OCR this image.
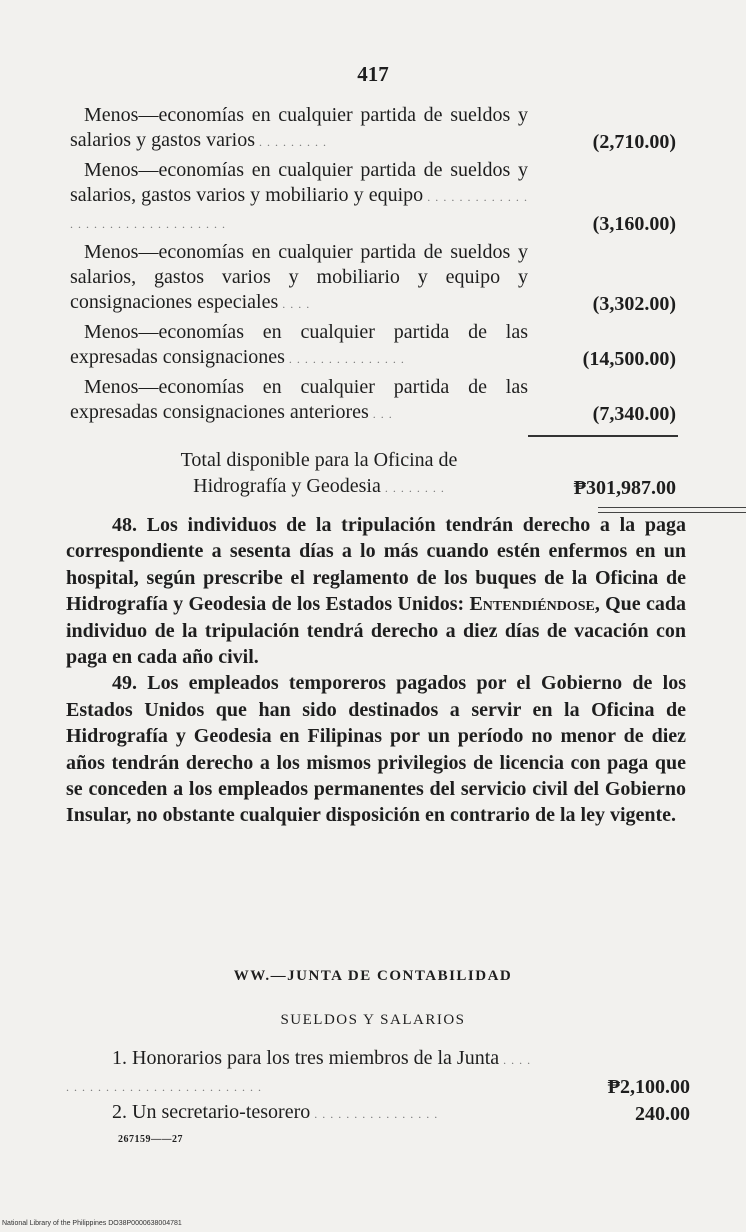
417
Menos—economías en cualquier partida de sueldos y salarios y gastos varios . . . . . . . . .	(2,710.00)
Menos—economías en cualquier partida de sueldos y salarios, gastos varios y mobiliario y equipo . . . . . . . . . . . . . . . . . . . . . . . . . . . . . . . . .	(3,160.00)
Menos—economías en cualquier partida de sueldos y salarios, gastos varios y mobiliario y equipo y consignaciones especiales . . . .	(3,302.00)
Menos—economías en cualquier partida de las expresadas consignaciones . . . . . . . . . . . . . . .	(14,500.00)
Menos—economías en cualquier partida de las expresadas consignaciones anteriores . . .	(7,340.00)
Total disponible para la Oficina de
Hidrografía y Geodesia . . . . . . . .	₱301,987.00

48. Los individuos de la tripulación tendrán derecho a la paga correspondiente a sesenta días a lo más cuando estén enfermos en un hospital, según prescribe el reglamento de los buques de la Oficina de Hidrografía y Geodesia de los Estados Unidos: Entendiéndose, Que cada individuo de la tripulación tendrá derecho a diez días de vacación con paga en cada año civil.

49. Los empleados temporeros pagados por el Gobierno de los Estados Unidos que han sido destinados a servir en la Oficina de Hidrografía y Geodesia en Filipinas por un período no menor de diez años tendrán derecho a los mismos privilegios de licencia con paga que se conceden a los empleados permanentes del servicio civil del Gobierno Insular, no obstante cualquier disposición en contrario de la ley vigente.

WW.—JUNTA DE CONTABILIDAD
SUELDOS Y SALARIOS
1. Honorarios para los tres miembros de la Junta . . . . . . . . . . . . . . . . . . . . . . . . . . . . .	₱2,100.00
2. Un secretario-tesorero . . . . . . . . . . . . . . . .	240.00
267159——27
National Library of the Philippines DO38P0000638004781
